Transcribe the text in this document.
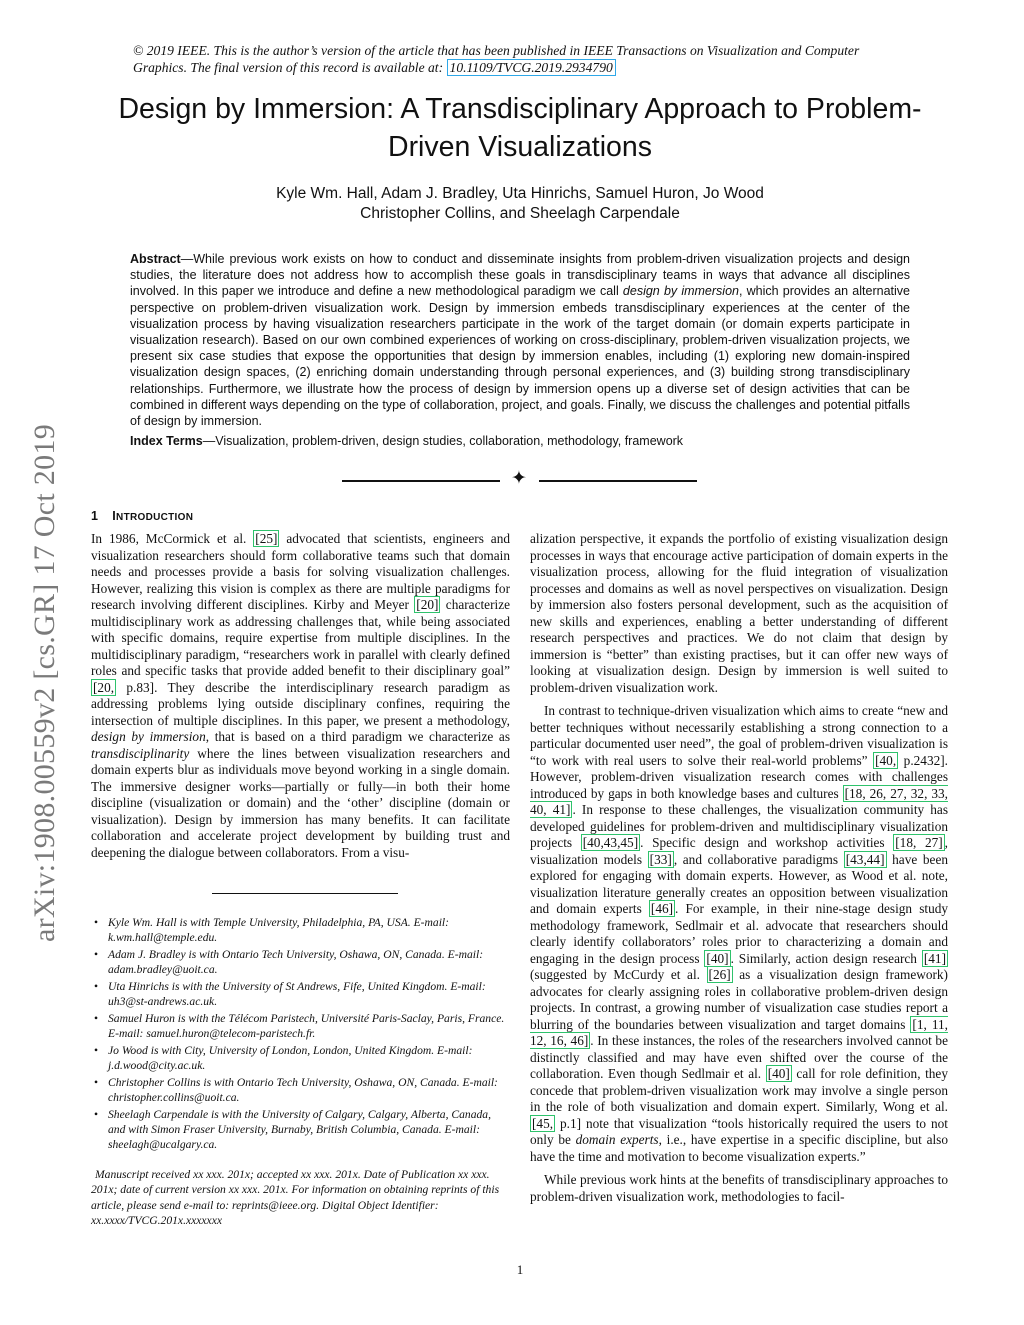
© 2019 IEEE. This is the author’s version of the article that has been published in IEEE Transactions on Visualization and Computer Graphics. The final version of this record is available at: 10.1109/TVCG.2019.2934790
Design by Immersion: A Transdisciplinary Approach to Problem-Driven Visualizations
Kyle Wm. Hall, Adam J. Bradley, Uta Hinrichs, Samuel Huron, Jo Wood
Christopher Collins, and Sheelagh Carpendale
Abstract—While previous work exists on how to conduct and disseminate insights from problem-driven visualization projects and design studies, the literature does not address how to accomplish these goals in transdisciplinary teams in ways that advance all disciplines involved. In this paper we introduce and define a new methodological paradigm we call design by immersion, which provides an alternative perspective on problem-driven visualization work. Design by immersion embeds transdisciplinary experiences at the center of the visualization process by having visualization researchers participate in the work of the target domain (or domain experts participate in visualization research). Based on our own combined experiences of working on cross-disciplinary, problem-driven visualization projects, we present six case studies that expose the opportunities that design by immersion enables, including (1) exploring new domain-inspired visualization design spaces, (2) enriching domain understanding through personal experiences, and (3) building strong transdisciplinary relationships. Furthermore, we illustrate how the process of design by immersion opens up a diverse set of design activities that can be combined in different ways depending on the type of collaboration, project, and goals. Finally, we discuss the challenges and potential pitfalls of design by immersion.
Index Terms—Visualization, problem-driven, design studies, collaboration, methodology, framework
✦
arXiv:1908.00559v2 [cs.GR] 17 Oct 2019 1 INTRODUCTION

In 1986, McCormick et al. [25] advocated that scientists, engineers and visualization researchers should form collaborative teams such that domain needs and processes provide a basis for solving visualization challenges. However, realizing this vision is complex as there are multiple paradigms for research involving different disciplines. Kirby and Meyer [20] characterize multidisciplinary work as addressing challenges that, while being associated with specific domains, require expertise from multiple disciplines. In the multidisciplinary paradigm, “researchers work in parallel with clearly defined roles and specific tasks that provide added benefit to their disciplinary goal” [20, p.83]. They describe the interdisciplinary research paradigm as addressing problems lying outside disciplinary confines, requiring the intersection of multiple disciplines. In this paper, we present a methodology, design by immersion, that is based on a third paradigm we characterize as transdisciplinarity where the lines between visualization researchers and domain experts blur as individuals move beyond working in a single domain. The immersive designer works—partially or fully—in both their home discipline (visualization or domain) and the ‘other’ discipline (domain or visualization). Design by immersion has many benefits. It can facilitate collaboration and accelerate project development by building trust and deepening the dialogue between collaborators. From a visu-

• Kyle Wm. Hall is with Temple University, Philadelphia, PA, USA. E-mail: k.wm.hall@temple.edu.
• Adam J. Bradley is with Ontario Tech University, Oshawa, ON, Canada. E-mail: adam.bradley@uoit.ca.
• Uta Hinrichs is with the University of St Andrews, Fife, United Kingdom. E-mail: uh3@st-andrews.ac.uk.
• Samuel Huron is with the Télécom Paristech, Université Paris-Saclay, Paris, France. E-mail: samuel.huron@telecom-paristech.fr.
• Jo Wood is with City, University of London, London, United Kingdom. E-mail: j.d.wood@city.ac.uk.
• Christopher Collins is with Ontario Tech University, Oshawa, ON, Canada. E-mail: christopher.collins@uoit.ca.
• Sheelagh Carpendale is with the University of Calgary, Calgary, Alberta, Canada, and with Simon Fraser University, Burnaby, British Columbia, Canada. E-mail: sheelagh@ucalgary.ca.
Manuscript received xx xxx. 201x; accepted xx xxx. 201x. Date of Publication xx xxx. 201x; date of current version xx xxx. 201x. For information on obtaining reprints of this article, please send e-mail to: reprints@ieee.org. Digital Object Identifier: xx.xxxx/TVCG.201x.xxxxxxx

alization perspective, it expands the portfolio of existing visualization design processes in ways that encourage active participation of domain experts in the visualization process, allowing for the fluid integration of visualization processes and domains as well as novel perspectives on visualization. Design by immersion also fosters personal development, such as the acquisition of new skills and experiences, enabling a better understanding of different research perspectives and practices. We do not claim that design by immersion is “better” than existing practises, but it can offer new ways of looking at visualization design. Design by immersion is well suited to problem-driven visualization work.

In contrast to technique-driven visualization which aims to create “new and better techniques without necessarily establishing a strong connection to a particular documented user need”, the goal of problem-driven visualization is “to work with real users to solve their real-world problems” [40, p.2432]. However, problem-driven visualization research comes with challenges introduced by gaps in both knowledge bases and cultures [18, 26, 27, 32, 33, 40, 41] . In response to these challenges, the visualization community has developed guidelines for problem-driven and multidisciplinary visualization projects [40,43,45] . Specific design and workshop activities [18, 27] , visualization models [33] , and collaborative paradigms [43,44] have been explored for engaging with domain experts. However, as Wood et al. note, visualization literature generally creates an opposition between visualization and domain experts [46] . For example, in their nine-stage design study methodology framework, Sedlmair et al. advocate that researchers should clearly identify collaborators’ roles prior to characterizing a domain and engaging in the design process [40] . Similarly, action design research [41] (suggested by McCurdy et al. [26] as a visualization design framework) advocates for clearly assigning roles in collaborative problem-driven design projects. In contrast, a growing number of visualization case studies report a blurring of the boundaries between visualization and target domains [1, 11, 12, 16, 46] . In these instances, the roles of the researchers involved cannot be distinctly classified and may have even shifted over the course of the collaboration. Even though Sedlmair et al. [40] call for role definition, they concede that problem-driven visualization work may involve a single person in the role of both visualization and domain expert. Similarly, Wong et al. [45, p.1] note that visualization “tools historically required the users to not only be domain experts, i.e., have expertise in a specific discipline, but also have the time and motivation to become visualization experts.”

While previous work hints at the benefits of transdisciplinary approaches to problem-driven visualization work, methodologies to facil-

1
